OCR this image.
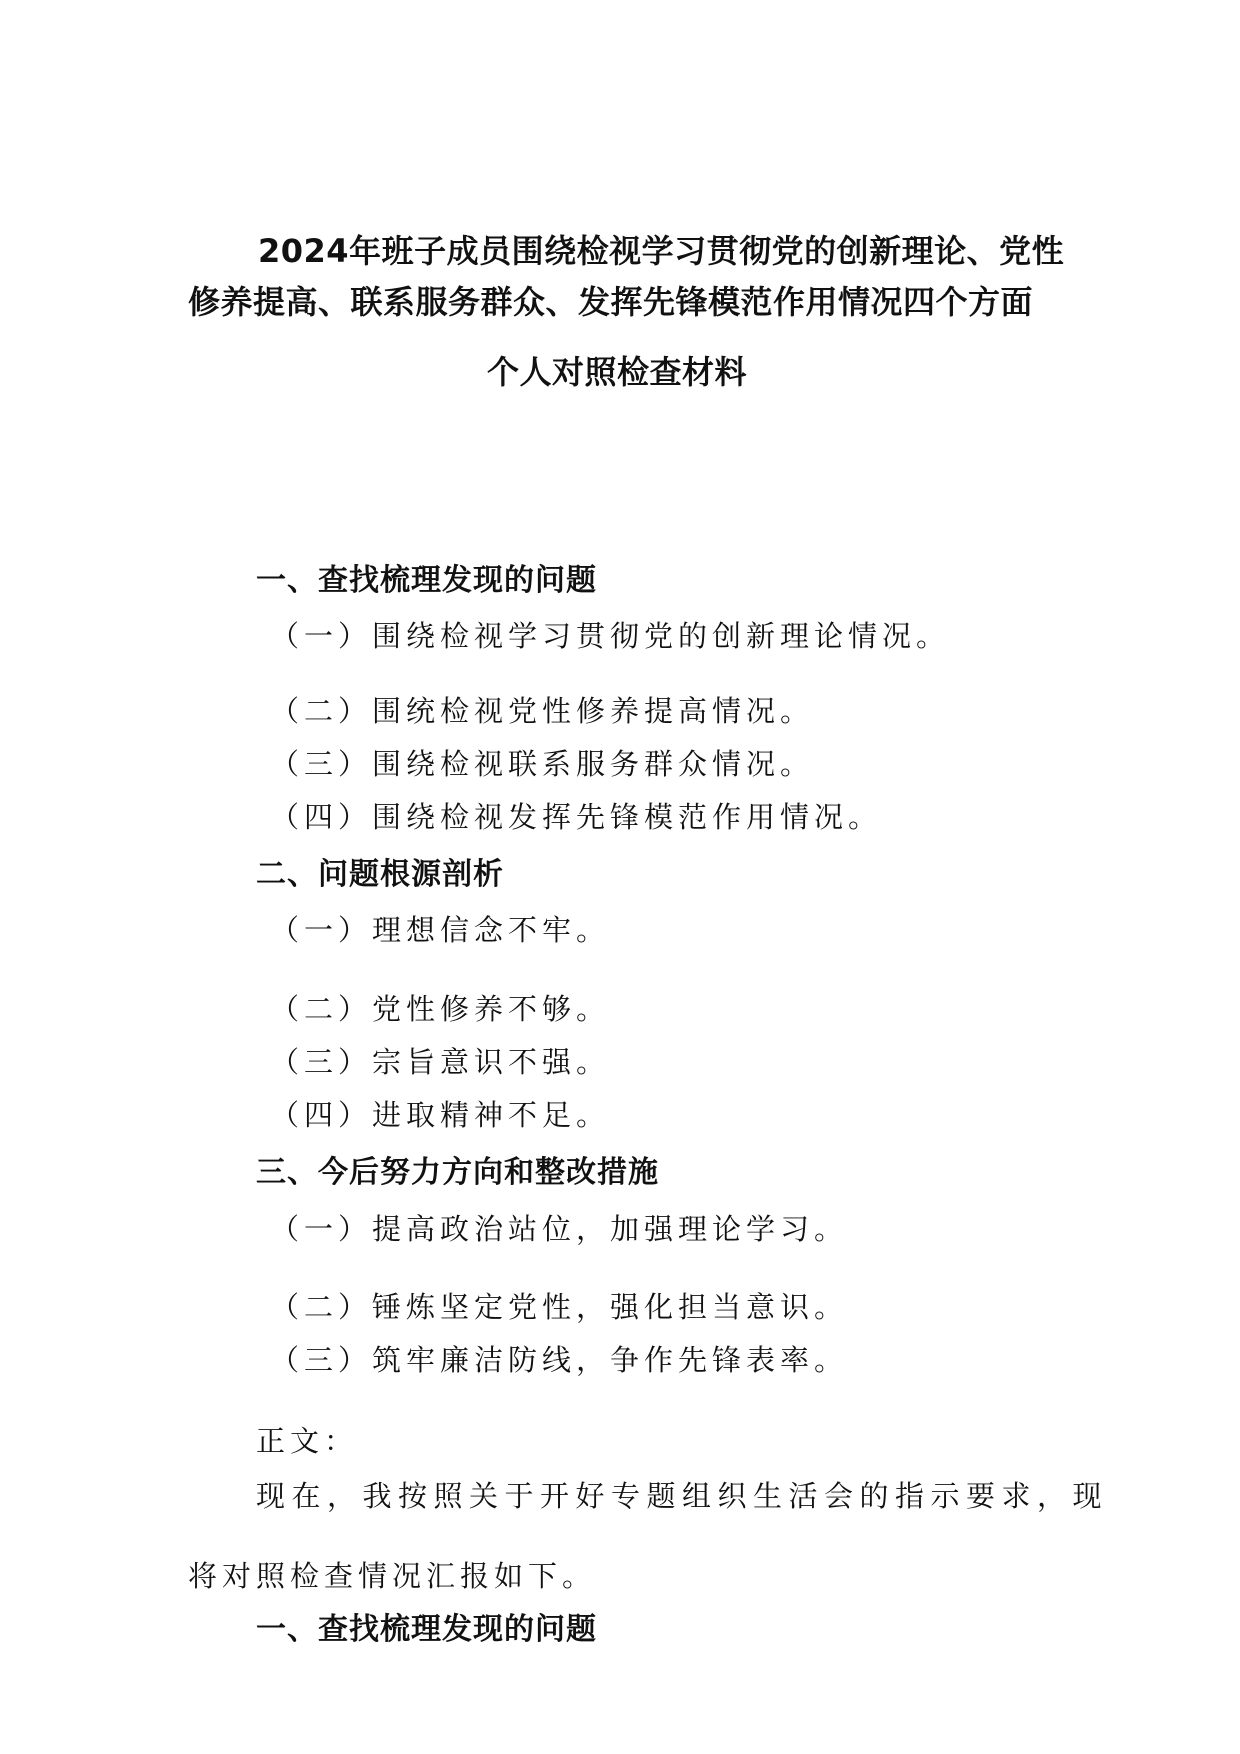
2024年班子成员围绕检视学习贯彻党的创新理论、党性
修养提高、联系服务群众、发挥先锋模范作用情况四个方面
个人对照检查材料
一、查找梳理发现的问题
（一）围绕检视学习贯彻党的创新理论情况。
（二）围统检视党性修养提高情况。
（三）围绕检视联系服务群众情况。
（四）围绕检视发挥先锋模范作用情况。
二、问题根源剖析
（一）理想信念不牢。
（二）党性修养不够。
（三）宗旨意识不强。
（四）进取精神不足。
三、今后努力方向和整改措施
（一）提高政治站位，加强理论学习。
（二）锤炼坚定党性，强化担当意识。
（三）筑牢廉洁防线，争作先锋表率。
正文：
现在，我按照关于开好专题组织生活会的指示要求，现
将对照检查情况汇报如下。
一、查找梳理发现的问题
